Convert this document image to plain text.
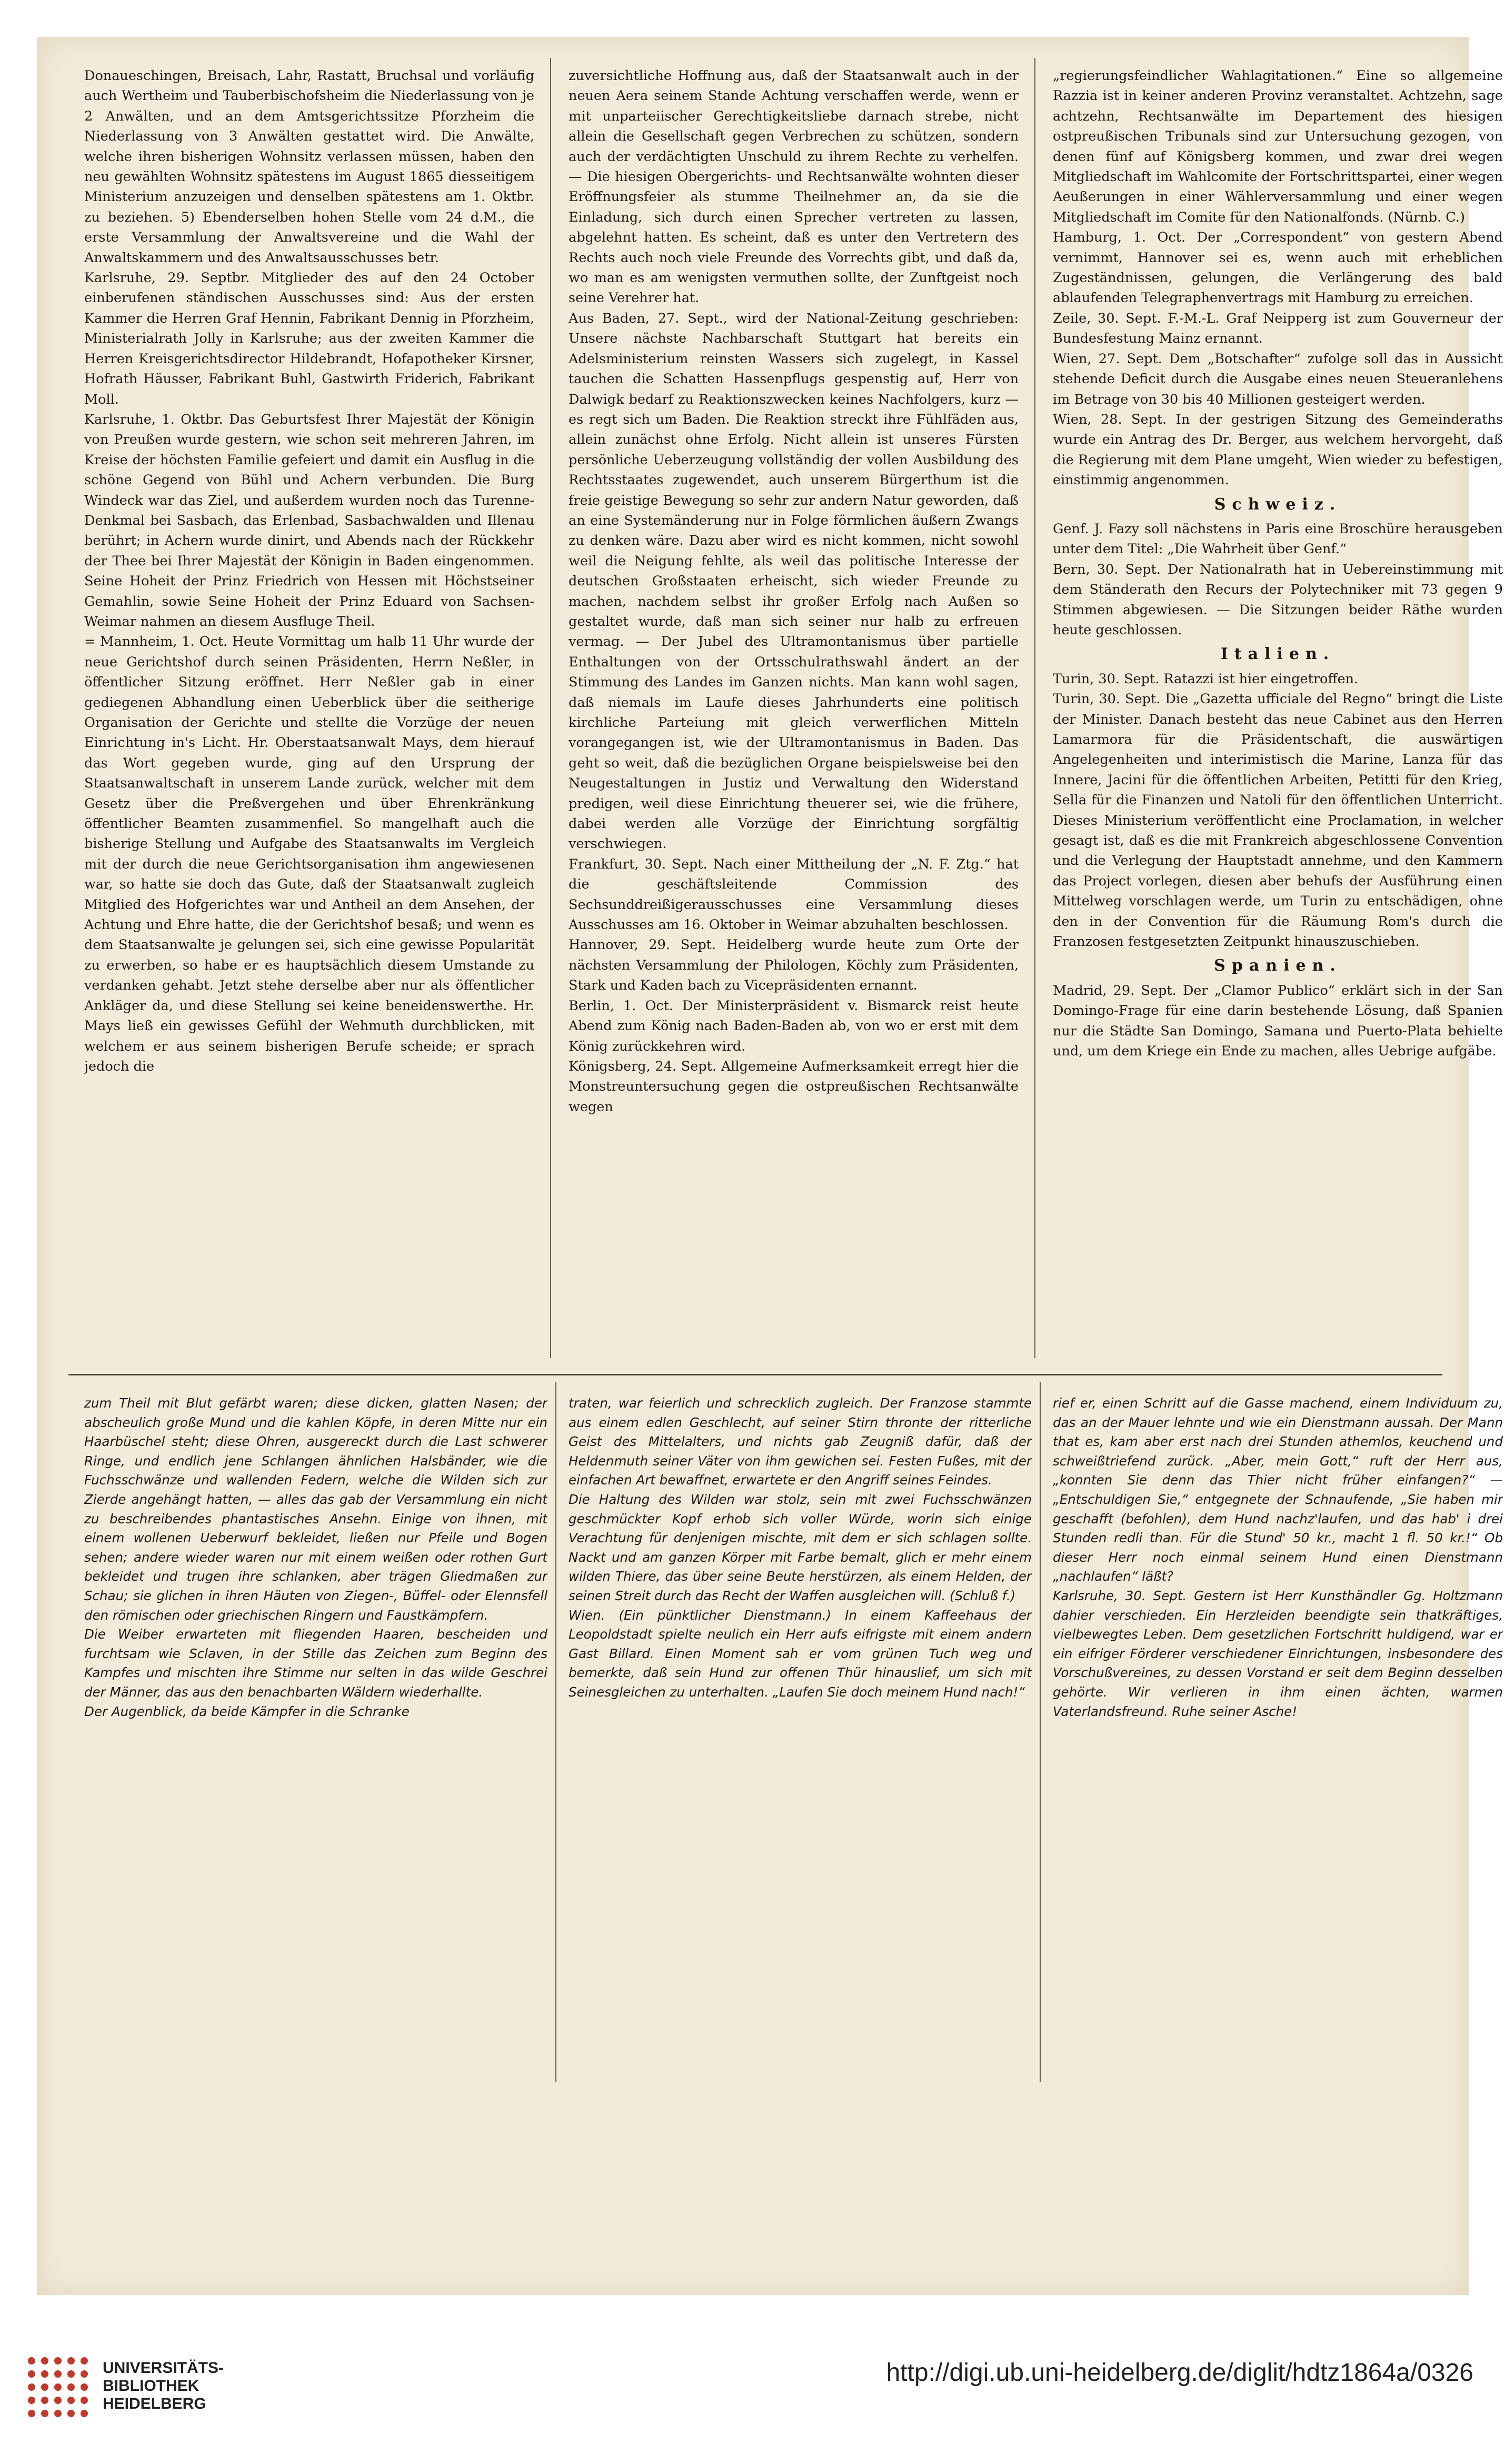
Donaueschingen, Breisach, Lahr, Rastatt, Bruchsal und vorläufig auch Wertheim und Tauberbischofsheim die Niederlassung von je 2 Anwälten, und an dem Amtsgerichtssitze Pforzheim die Niederlassung von 3 Anwälten gestattet wird. Die Anwälte, welche ihren bisherigen Wohnsitz verlassen müssen, haben den neu gewählten Wohnsitz spätestens im August 1865 diesseitigem Ministerium anzuzeigen und denselben spätestens am 1. Oktbr. zu beziehen. 5) Ebenderselben hohen Stelle vom 24 d.M., die erste Versammlung der Anwaltsvereine und die Wahl der Anwaltskammern und des Anwaltsausschusses betr.

Karlsruhe, 29. Septbr. Mitglieder des auf den 24 October einberufenen ständischen Ausschusses sind: Aus der ersten Kammer die Herren Graf Hennin, Fabrikant Dennig in Pforzheim, Ministerialrath Jolly in Karlsruhe; aus der zweiten Kammer die Herren Kreisgerichtsdirector Hildebrandt, Hofapotheker Kirsner, Hofrath Häusser, Fabrikant Buhl, Gastwirth Friderich, Fabrikant Moll.

Karlsruhe, 1. Oktbr. Das Geburtsfest Ihrer Majestät der Königin von Preußen wurde gestern, wie schon seit mehreren Jahren, im Kreise der höchsten Familie gefeiert und damit ein Ausflug in die schöne Gegend von Bühl und Achern verbunden. Die Burg Windeck war das Ziel, und außerdem wurden noch das Turenne-Denkmal bei Sasbach, das Erlenbad, Sasbachwalden und Illenau berührt; in Achern wurde dinirt, und Abends nach der Rückkehr der Thee bei Ihrer Majestät der Königin in Baden eingenommen. Seine Hoheit der Prinz Friedrich von Hessen mit Höchstseiner Gemahlin, sowie Seine Hoheit der Prinz Eduard von Sachsen-Weimar nahmen an diesem Ausfluge Theil.

= Mannheim, 1. Oct. Heute Vormittag um halb 11 Uhr wurde der neue Gerichtshof durch seinen Präsidenten, Herrn Neßler, in öffentlicher Sitzung eröffnet. Herr Neßler gab in einer gediegenen Abhandlung einen Ueberblick über die seitherige Organisation der Gerichte und stellte die Vorzüge der neuen Einrichtung in's Licht. Hr. Oberstaatsanwalt Mays, dem hierauf das Wort gegeben wurde, ging auf den Ursprung der Staatsanwaltschaft in unserem Lande zurück, welcher mit dem Gesetz über die Preßvergehen und über Ehrenkränkung öffentlicher Beamten zusammenfiel. So mangelhaft auch die bisherige Stellung und Aufgabe des Staatsanwalts im Vergleich mit der durch die neue Gerichtsorganisation ihm angewiesenen war, so hatte sie doch das Gute, daß der Staatsanwalt zugleich Mitglied des Hofgerichtes war und Antheil an dem Ansehen, der Achtung und Ehre hatte, die der Gerichtshof besaß; und wenn es dem Staatsanwalte je gelungen sei, sich eine gewisse Popularität zu erwerben, so habe er es hauptsächlich diesem Umstande zu verdanken gehabt. Jetzt stehe derselbe aber nur als öffentlicher Ankläger da, und diese Stellung sei keine beneidenswerthe. Hr. Mays ließ ein gewisses Gefühl der Wehmuth durchblicken, mit welchem er aus seinem bisherigen Berufe scheide; er sprach jedoch die

zuversichtliche Hoffnung aus, daß der Staatsanwalt auch in der neuen Aera seinem Stande Achtung verschaffen werde, wenn er mit unparteiischer Gerechtigkeitsliebe darnach strebe, nicht allein die Gesellschaft gegen Verbrechen zu schützen, sondern auch der verdächtigten Unschuld zu ihrem Rechte zu verhelfen. — Die hiesigen Obergerichts- und Rechtsanwälte wohnten dieser Eröffnungsfeier als stumme Theilnehmer an, da sie die Einladung, sich durch einen Sprecher vertreten zu lassen, abgelehnt hatten. Es scheint, daß es unter den Vertretern des Rechts auch noch viele Freunde des Vorrechts gibt, und daß da, wo man es am wenigsten vermuthen sollte, der Zunftgeist noch seine Verehrer hat.

Aus Baden, 27. Sept., wird der National-Zeitung geschrieben: Unsere nächste Nachbarschaft Stuttgart hat bereits ein Adelsministerium reinsten Wassers sich zugelegt, in Kassel tauchen die Schatten Hassenpflugs gespenstig auf, Herr von Dalwigk bedarf zu Reaktionszwecken keines Nachfolgers, kurz — es regt sich um Baden. Die Reaktion streckt ihre Fühlfäden aus, allein zunächst ohne Erfolg. Nicht allein ist unseres Fürsten persönliche Ueberzeugung vollständig der vollen Ausbildung des Rechtsstaates zugewendet, auch unserem Bürgerthum ist die freie geistige Bewegung so sehr zur andern Natur geworden, daß an eine Systemänderung nur in Folge förmlichen äußern Zwangs zu denken wäre. Dazu aber wird es nicht kommen, nicht sowohl weil die Neigung fehlte, als weil das politische Interesse der deutschen Großstaaten erheischt, sich wieder Freunde zu machen, nachdem selbst ihr großer Erfolg nach Außen so gestaltet wurde, daß man sich seiner nur halb zu erfreuen vermag. — Der Jubel des Ultramontanismus über partielle Enthaltungen von der Ortsschulrathswahl ändert an der Stimmung des Landes im Ganzen nichts. Man kann wohl sagen, daß niemals im Laufe dieses Jahrhunderts eine politisch kirchliche Parteiung mit gleich verwerflichen Mitteln vorangegangen ist, wie der Ultramontanismus in Baden. Das geht so weit, daß die bezüglichen Organe beispielsweise bei den Neugestaltungen in Justiz und Verwaltung den Widerstand predigen, weil diese Einrichtung theuerer sei, wie die frühere, dabei werden alle Vorzüge der Einrichtung sorgfältig verschwiegen.

Frankfurt, 30. Sept. Nach einer Mittheilung der „N. F. Ztg.“ hat die geschäftsleitende Commission des Sechsunddreißigerausschusses eine Versammlung dieses Ausschusses am 16. Oktober in Weimar abzuhalten beschlossen.

Hannover, 29. Sept. Heidelberg wurde heute zum Orte der nächsten Versammlung der Philologen, Köchly zum Präsidenten, Stark und Kaden bach zu Vicepräsidenten ernannt.

Berlin, 1. Oct. Der Ministerpräsident v. Bismarck reist heute Abend zum König nach Baden-Baden ab, von wo er erst mit dem König zurückkehren wird.

Königsberg, 24. Sept. Allgemeine Aufmerksamkeit erregt hier die Monstreuntersuchung gegen die ostpreußischen Rechtsanwälte wegen

„regierungsfeindlicher Wahlagitationen.“ Eine so allgemeine Razzia ist in keiner anderen Provinz veranstaltet. Achtzehn, sage achtzehn, Rechtsanwälte im Departement des hiesigen ostpreußischen Tribunals sind zur Untersuchung gezogen, von denen fünf auf Königsberg kommen, und zwar drei wegen Mitgliedschaft im Wahlcomite der Fortschrittspartei, einer wegen Aeußerungen in einer Wählerversammlung und einer wegen Mitgliedschaft im Comite für den Nationalfonds. (Nürnb. C.)

Hamburg, 1. Oct. Der „Correspondent“ von gestern Abend vernimmt, Hannover sei es, wenn auch mit erheblichen Zugeständnissen, gelungen, die Verlängerung des bald ablaufenden Telegraphenvertrags mit Hamburg zu erreichen.

Zeile, 30. Sept. F.-M.-L. Graf Neipperg ist zum Gouverneur der Bundesfestung Mainz ernannt.

Wien, 27. Sept. Dem „Botschafter“ zufolge soll das in Aussicht stehende Deficit durch die Ausgabe eines neuen Steueranlehens im Betrage von 30 bis 40 Millionen gesteigert werden.

Wien, 28. Sept. In der gestrigen Sitzung des Gemeinderaths wurde ein Antrag des Dr. Berger, aus welchem hervorgeht, daß die Regierung mit dem Plane umgeht, Wien wieder zu befestigen, einstimmig angenommen.

Schweiz.

Genf. J. Fazy soll nächstens in Paris eine Broschüre herausgeben unter dem Titel: „Die Wahrheit über Genf.“

Bern, 30. Sept. Der Nationalrath hat in Uebereinstimmung mit dem Ständerath den Recurs der Polytechniker mit 73 gegen 9 Stimmen abgewiesen. — Die Sitzungen beider Räthe wurden heute geschlossen.

Italien.

Turin, 30. Sept. Ratazzi ist hier eingetroffen.

Turin, 30. Sept. Die „Gazetta ufficiale del Regno“ bringt die Liste der Minister. Danach besteht das neue Cabinet aus den Herren Lamarmora für die Präsidentschaft, die auswärtigen Angelegenheiten und interimistisch die Marine, Lanza für das Innere, Jacini für die öffentlichen Arbeiten, Petitti für den Krieg, Sella für die Finanzen und Natoli für den öffentlichen Unterricht. Dieses Ministerium veröffentlicht eine Proclamation, in welcher gesagt ist, daß es die mit Frankreich abgeschlossene Convention und die Verlegung der Hauptstadt annehme, und den Kammern das Project vorlegen, diesen aber behufs der Ausführung einen Mittelweg vorschlagen werde, um Turin zu entschädigen, ohne den in der Convention für die Räumung Rom's durch die Franzosen festgesetzten Zeitpunkt hinauszuschieben.

Spanien.

Madrid, 29. Sept. Der „Clamor Publico“ erklärt sich in der San Domingo-Frage für eine darin bestehende Lösung, daß Spanien nur die Städte San Domingo, Samana und Puerto-Plata behielte und, um dem Kriege ein Ende zu machen, alles Uebrige aufgäbe.

zum Theil mit Blut gefärbt waren; diese dicken, glatten Nasen; der abscheulich große Mund und die kahlen Köpfe, in deren Mitte nur ein Haarbüschel steht; diese Ohren, ausgereckt durch die Last schwerer Ringe, und endlich jene Schlangen ähnlichen Halsbänder, wie die Fuchsschwänze und wallenden Federn, welche die Wilden sich zur Zierde angehängt hatten, — alles das gab der Versammlung ein nicht zu beschreibendes phantastisches Ansehn. Einige von ihnen, mit einem wollenen Ueberwurf bekleidet, ließen nur Pfeile und Bogen sehen; andere wieder waren nur mit einem weißen oder rothen Gurt bekleidet und trugen ihre schlanken, aber trägen Gliedmaßen zur Schau; sie glichen in ihren Häuten von Ziegen-, Büffel- oder Elennsfell den römischen oder griechischen Ringern und Faustkämpfern.

Die Weiber erwarteten mit fliegenden Haaren, bescheiden und furchtsam wie Sclaven, in der Stille das Zeichen zum Beginn des Kampfes und mischten ihre Stimme nur selten in das wilde Geschrei der Männer, das aus den benachbarten Wäldern wiederhallte.

Der Augenblick, da beide Kämpfer in die Schranke

traten, war feierlich und schrecklich zugleich. Der Franzose stammte aus einem edlen Geschlecht, auf seiner Stirn thronte der ritterliche Geist des Mittelalters, und nichts gab Zeugniß dafür, daß der Heldenmuth seiner Väter von ihm gewichen sei. Festen Fußes, mit der einfachen Art bewaffnet, erwartete er den Angriff seines Feindes.

Die Haltung des Wilden war stolz, sein mit zwei Fuchsschwänzen geschmückter Kopf erhob sich voller Würde, worin sich einige Verachtung für denjenigen mischte, mit dem er sich schlagen sollte. Nackt und am ganzen Körper mit Farbe bemalt, glich er mehr einem wilden Thiere, das über seine Beute herstürzen, als einem Helden, der seinen Streit durch das Recht der Waffen ausgleichen will. (Schluß f.)

Wien. (Ein pünktlicher Dienstmann.) In einem Kaffeehaus der Leopoldstadt spielte neulich ein Herr aufs eifrigste mit einem andern Gast Billard. Einen Moment sah er vom grünen Tuch weg und bemerkte, daß sein Hund zur offenen Thür hinauslief, um sich mit Seinesgleichen zu unterhalten. „Laufen Sie doch meinem Hund nach!“

rief er, einen Schritt auf die Gasse machend, einem Individuum zu, das an der Mauer lehnte und wie ein Dienstmann aussah. Der Mann that es, kam aber erst nach drei Stunden athemlos, keuchend und schweißtriefend zurück. „Aber, mein Gott,“ ruft der Herr aus, „konnten Sie denn das Thier nicht früher einfangen?“ — „Entschuldigen Sie,“ entgegnete der Schnaufende, „Sie haben mir geschafft (befohlen), dem Hund nachz'laufen, und das hab' i drei Stunden redli than. Für die Stund' 50 kr., macht 1 fl. 50 kr.!“ Ob dieser Herr noch einmal seinem Hund einen Dienstmann „nachlaufen“ läßt?

Karlsruhe, 30. Sept. Gestern ist Herr Kunsthändler Gg. Holtzmann dahier verschieden. Ein Herzleiden beendigte sein thatkräftiges, vielbewegtes Leben. Dem gesetzlichen Fortschritt huldigend, war er ein eifriger Förderer verschiedener Einrichtungen, insbesondere des Vorschußvereines, zu dessen Vorstand er seit dem Beginn desselben gehörte. Wir verlieren in ihm einen ächten, warmen Vaterlandsfreund. Ruhe seiner Asche!

UNIVERSITÄTS-
BIBLIOTHEK
HEIDELBERG
http://digi.ub.uni-heidelberg.de/diglit/hdtz1864a/0326
